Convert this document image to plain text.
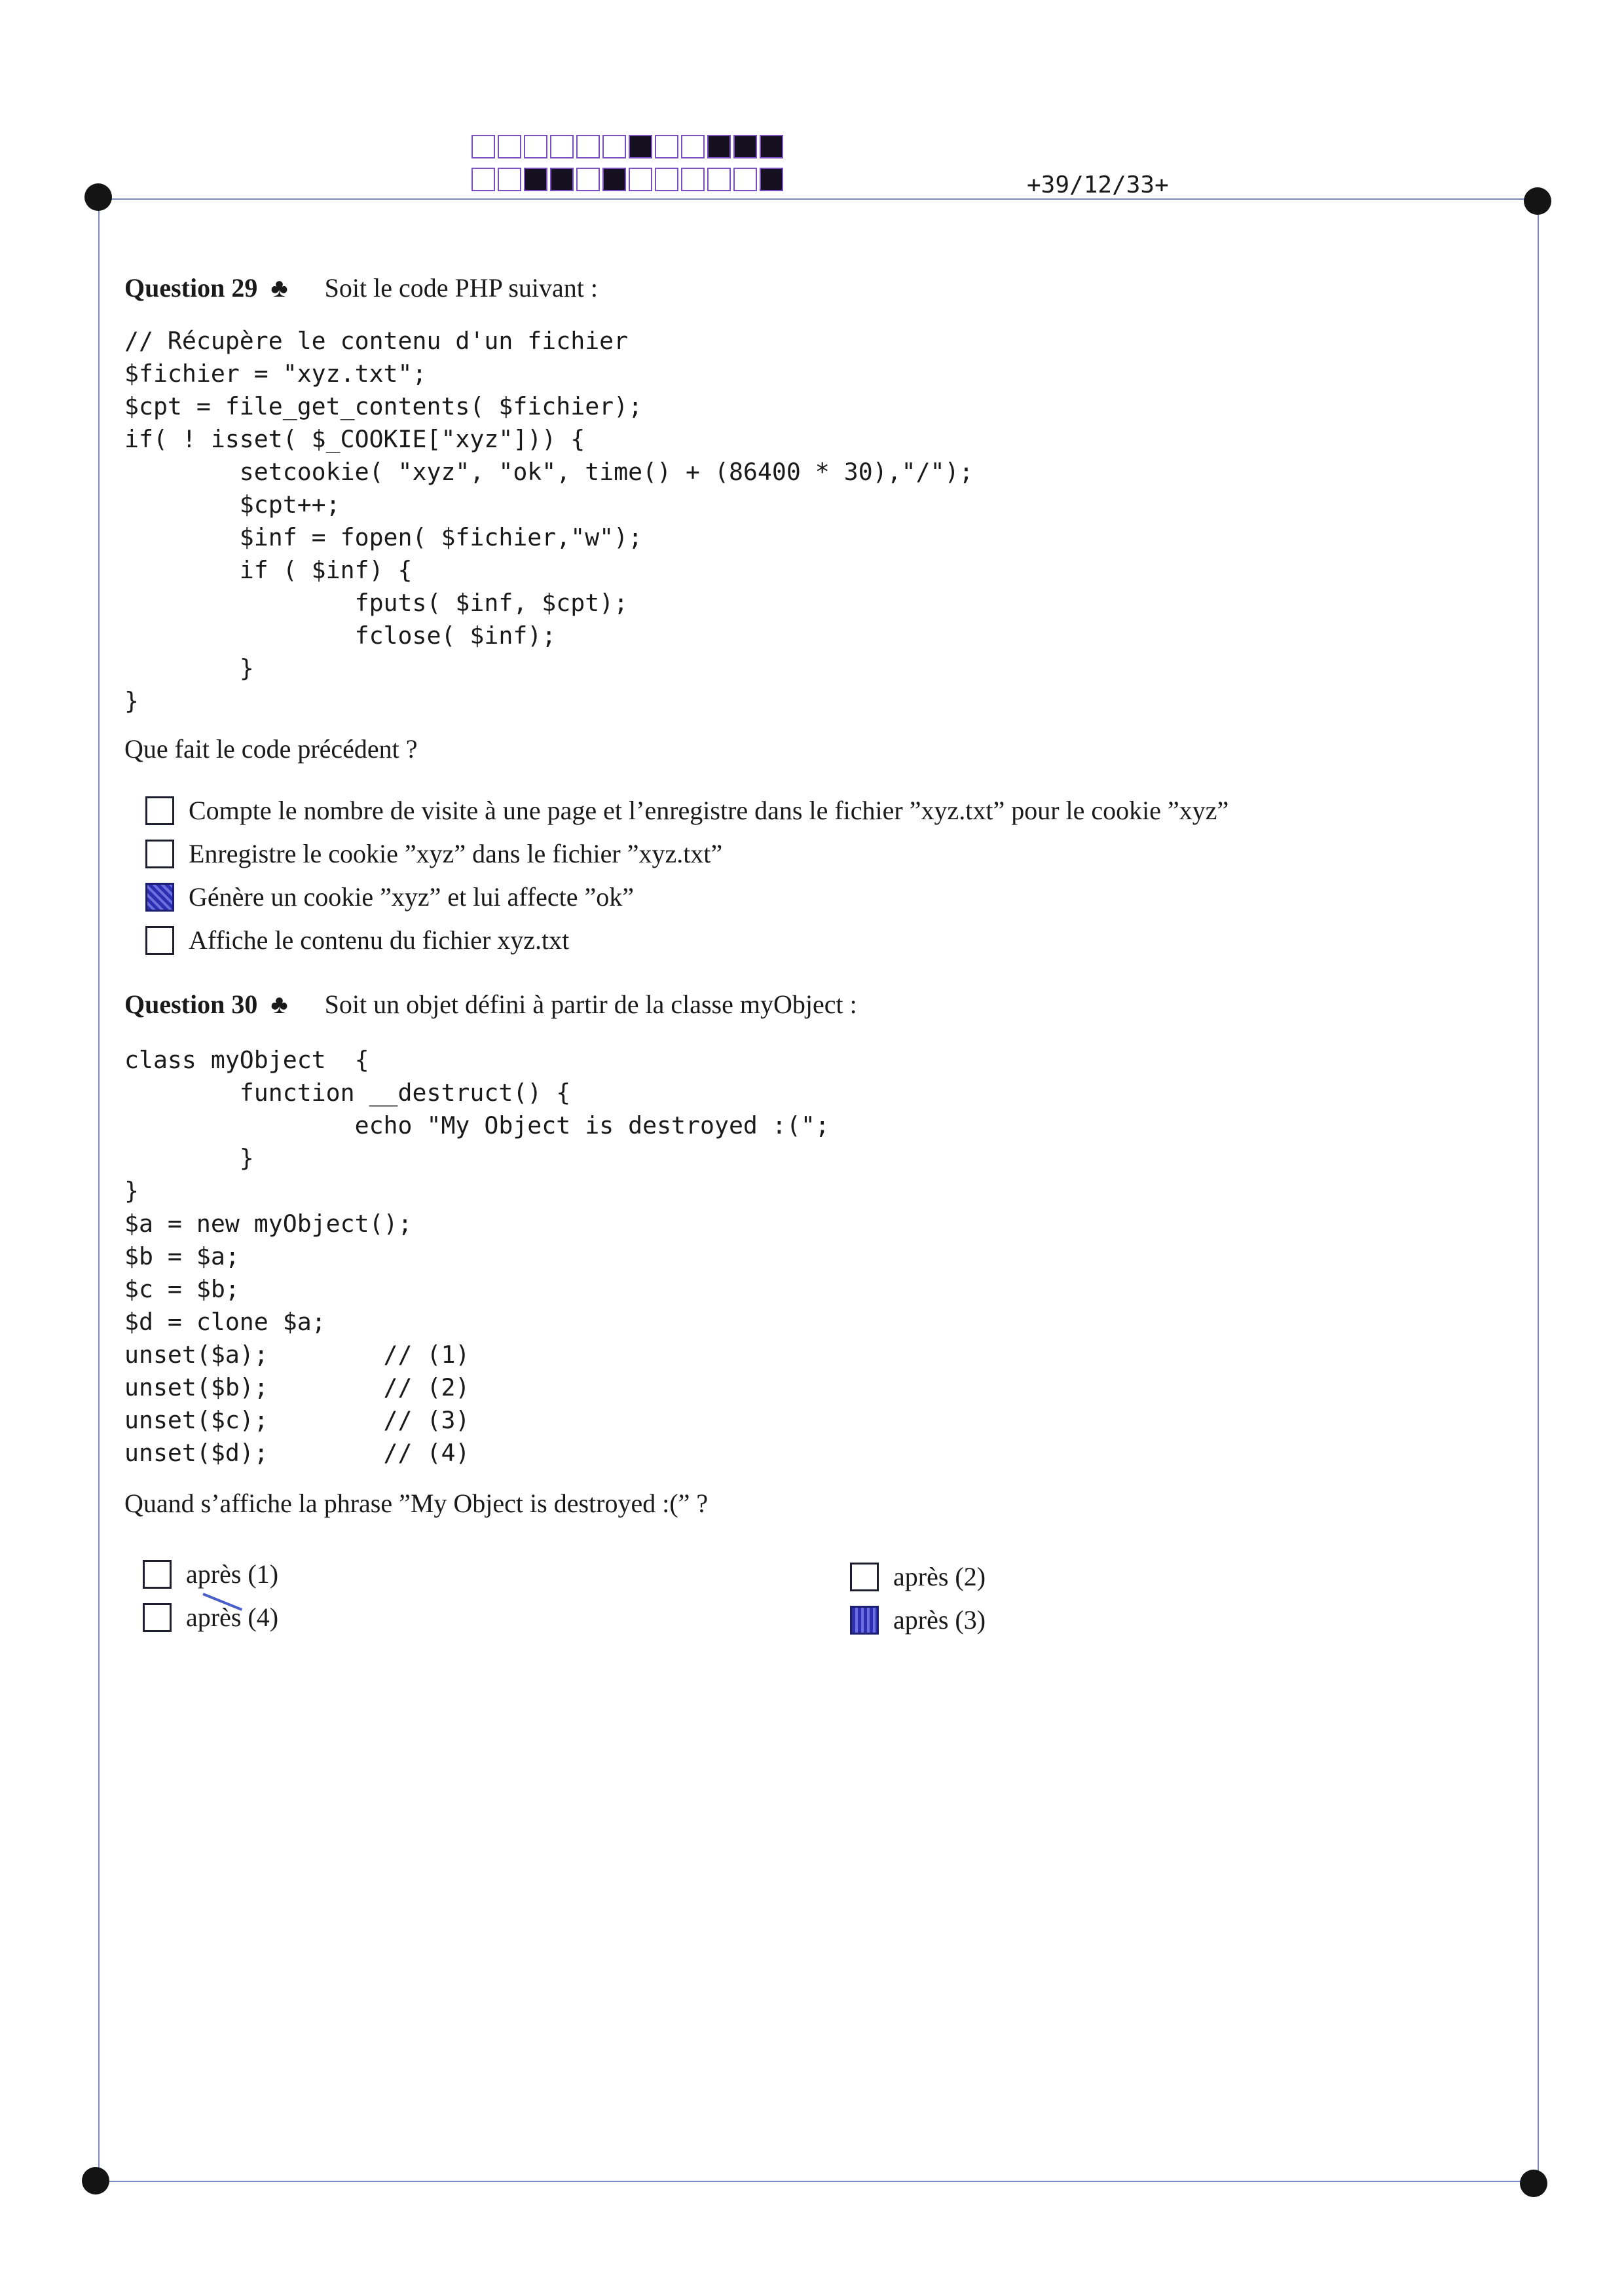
+39/12/33+
Question 29 ♣ Soit le code PHP suivant :
// Récupère le contenu d'un fichier
$fichier = "xyz.txt";
$cpt = file_get_contents( $fichier);
if( ! isset( $_COOKIE["xyz"])) {
setcookie( "xyz", "ok", time() + (86400 * 30),"/");
$cpt++;
$inf = fopen( $fichier,"w");
if ( $inf) {
fputs( $inf, $cpt);
fclose( $inf);
}
}
Que fait le code précédent ?
Compte le nombre de visite à une page et l’enregistre dans le fichier ”xyz.txt” pour le cookie ”xyz”
Enregistre le cookie ”xyz” dans le fichier ”xyz.txt”
Génère un cookie ”xyz” et lui affecte ”ok”
Affiche le contenu du fichier xyz.txt
Question 30 ♣ Soit un objet défini à partir de la classe myObject :
class myObject  {
function __destruct() {
echo "My Object is destroyed :(";
}
}
$a = new myObject();
$b = $a;
$c = $b;
$d = clone $a;
unset($a);        // (1)
unset($b);        // (2)
unset($c);        // (3)
unset($d);        // (4)
Quand s’affiche la phrase ”My Object is destroyed :(” ?
après (1)	après (2)
après (4)	après (3)
